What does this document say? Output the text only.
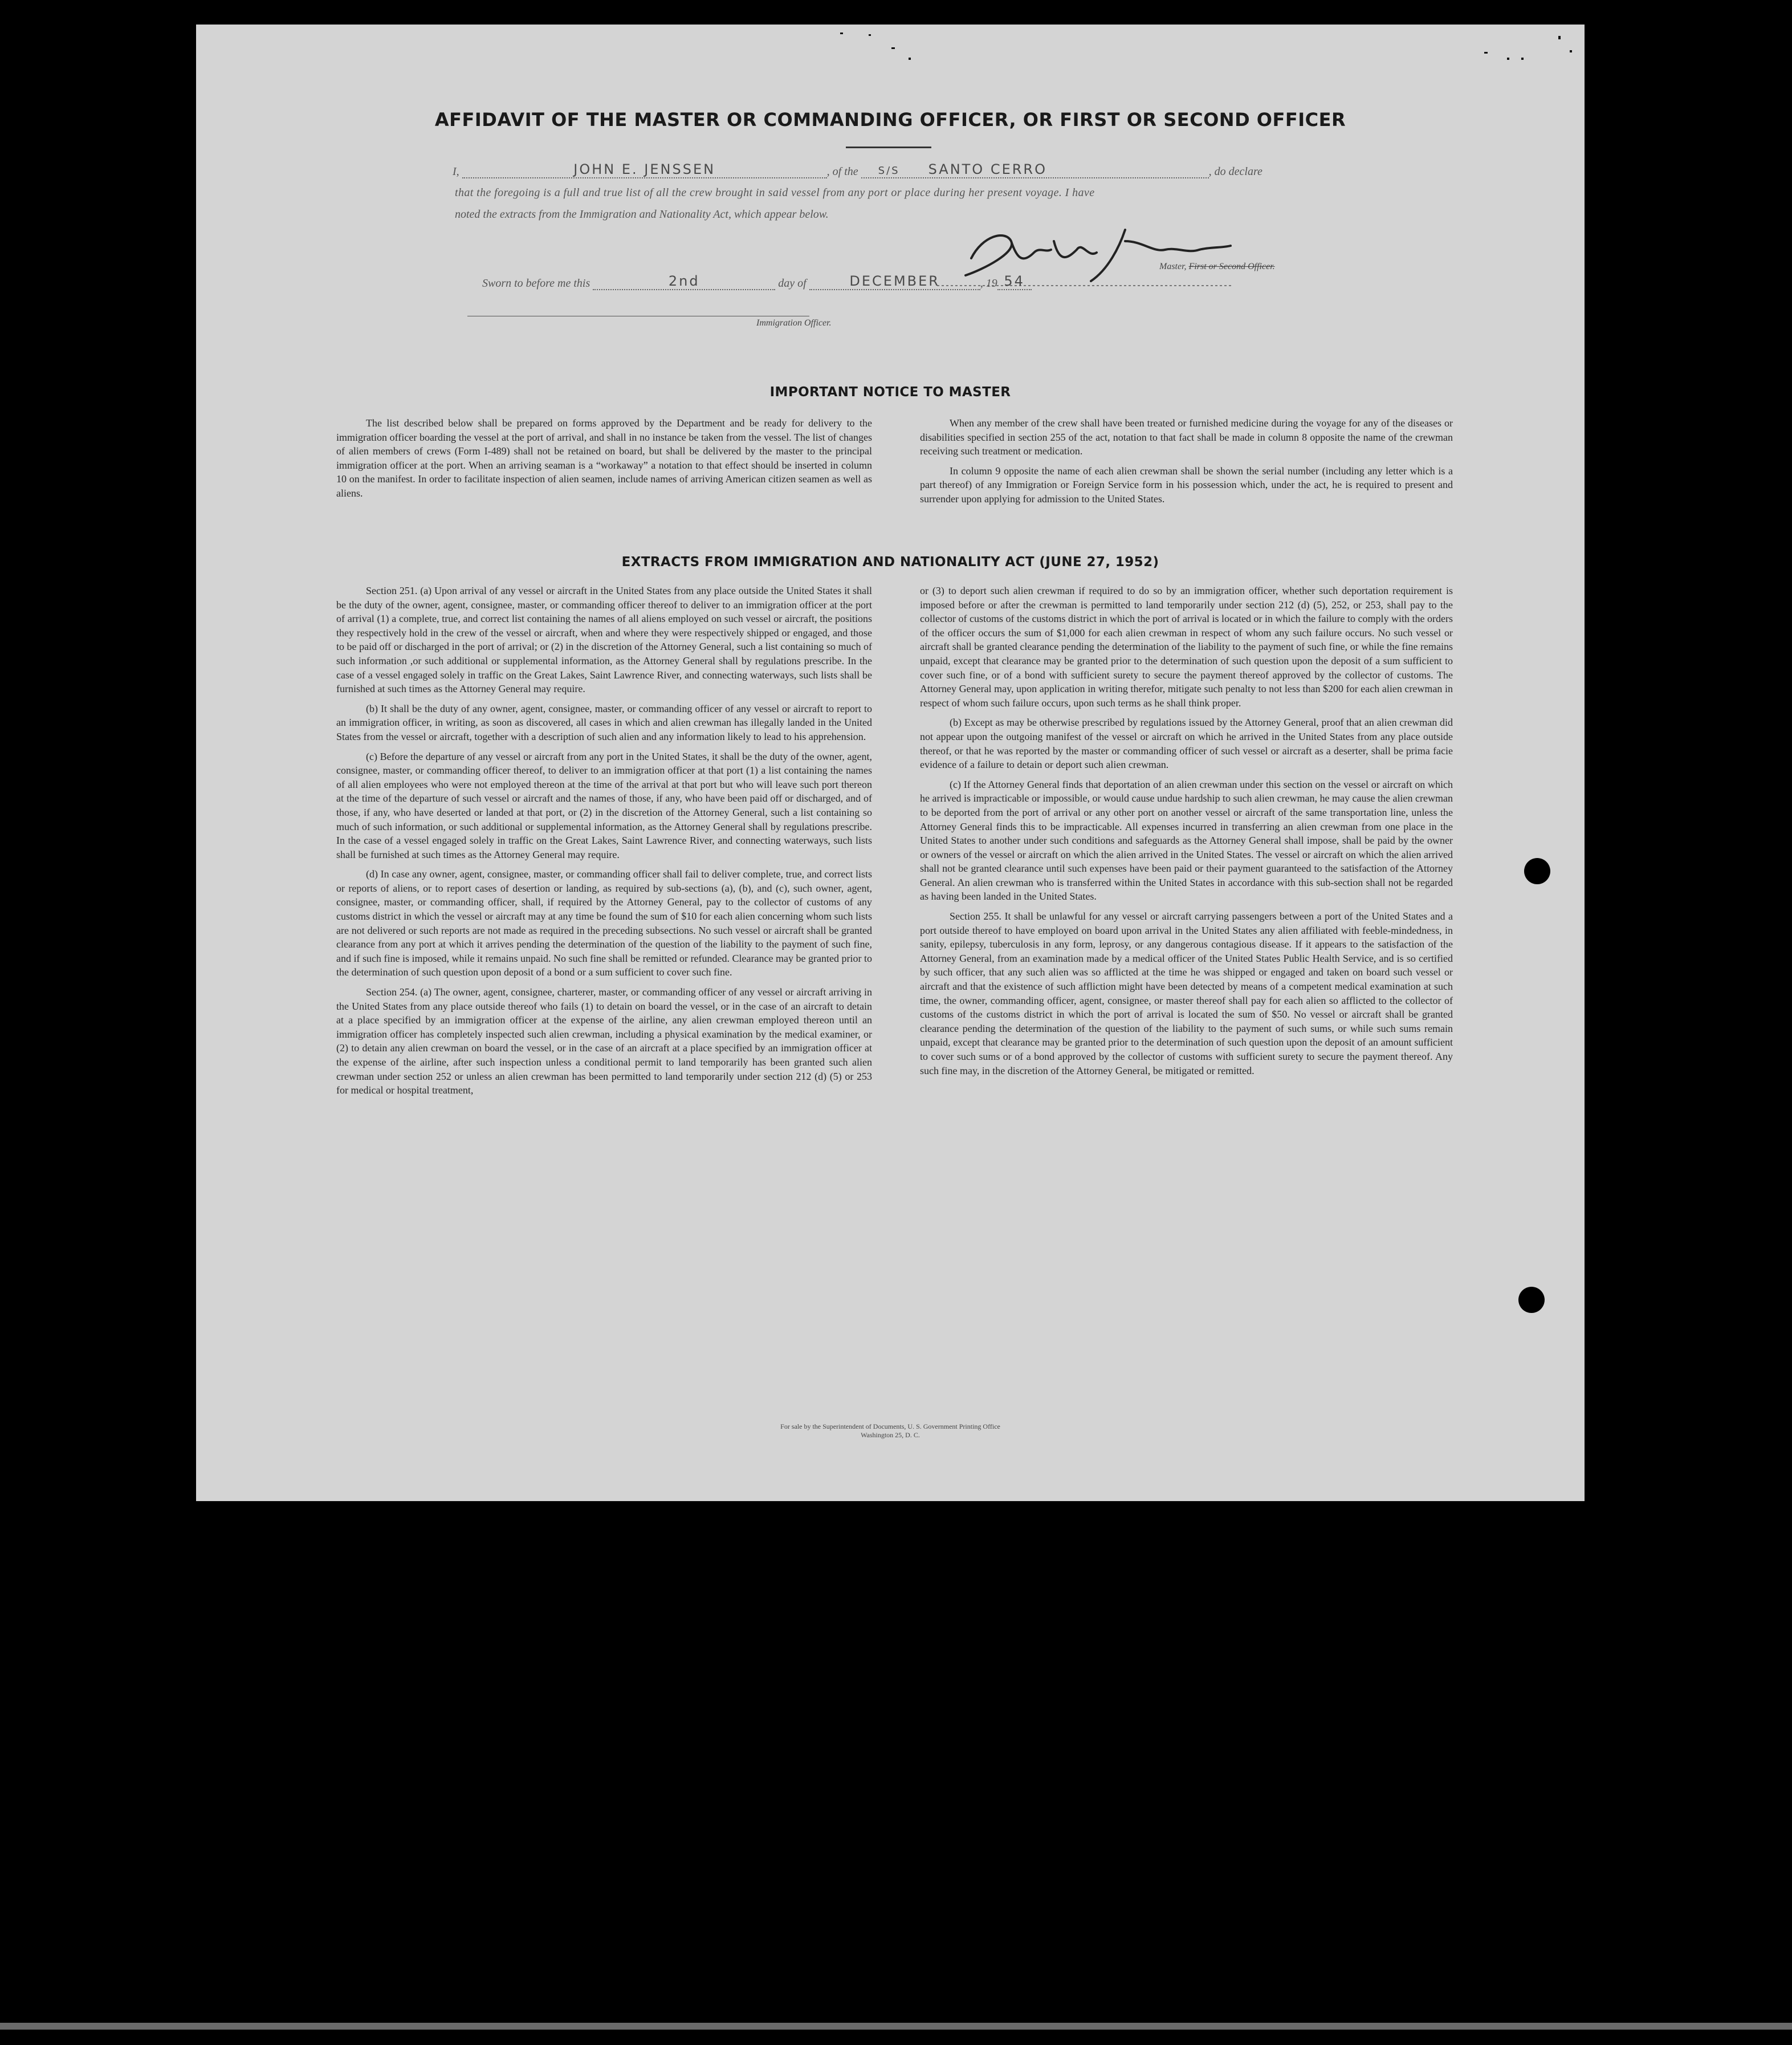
AFFIDAVIT OF THE MASTER OR COMMANDING OFFICER, OR FIRST OR SECOND OFFICER
I,	JOHN E. JENSSEN	, of the S/S SANTO CERRO	, do declare
that the foregoing is a full and true list of all the crew brought in said vessel from any port or place during her present voyage. I have
noted the extracts from the Immigration and Nationality Act, which appear below.
Master, First or Second Officer.
Sworn to before me this	2nd	day of	DECEMBER	, 19 54
Immigration Officer.
IMPORTANT NOTICE TO MASTER

The list described below shall be prepared on forms approved by the Department and be ready for delivery to the immigration officer boarding the vessel at the port of arrival, and shall in no instance be taken from the vessel. The list of changes of alien members of crews (Form I-489) shall not be retained on board, but shall be delivered by the master to the principal immigration officer at the port. When an arriving seaman is a “workaway” a notation to that effect should be inserted in column 10 on the manifest. In order to facilitate inspection of alien seamen, include names of arriving American citizen seamen as well as aliens.

When any member of the crew shall have been treated or furnished medicine during the voyage for any of the diseases or disabilities specified in section 255 of the act, notation to that fact shall be made in column 8 opposite the name of the crewman receiving such treatment or medication.

In column 9 opposite the name of each alien crewman shall be shown the serial number (including any letter which is a part thereof) of any Immigration or Foreign Service form in his possession which, under the act, he is required to present and surrender upon applying for admission to the United States.

EXTRACTS FROM IMMIGRATION AND NATIONALITY ACT (JUNE 27, 1952)

Section 251. (a) Upon arrival of any vessel or aircraft in the United States from any place outside the United States it shall be the duty of the owner, agent, consignee, master, or commanding officer thereof to deliver to an immigration officer at the port of arrival (1) a complete, true, and correct list containing the names of all aliens employed on such vessel or aircraft, the positions they respectively hold in the crew of the vessel or aircraft, when and where they were respectively shipped or engaged, and those to be paid off or discharged in the port of arrival; or (2) in the discretion of the Attorney General, such a list containing so much of such information ,or such additional or supplemental information, as the Attorney General shall by regulations prescribe. In the case of a vessel engaged solely in traffic on the Great Lakes, Saint Lawrence River, and connecting waterways, such lists shall be furnished at such times as the Attorney General may require.

(b) It shall be the duty of any owner, agent, consignee, master, or commanding officer of any vessel or aircraft to report to an immigration officer, in writing, as soon as discovered, all cases in which and alien crewman has illegally landed in the United States from the vessel or aircraft, together with a description of such alien and any information likely to lead to his apprehension.

(c) Before the departure of any vessel or aircraft from any port in the United States, it shall be the duty of the owner, agent, consignee, master, or commanding officer thereof, to deliver to an immigration officer at that port (1) a list containing the names of all alien employees who were not employed thereon at the time of the arrival at that port but who will leave such port thereon at the time of the departure of such vessel or aircraft and the names of those, if any, who have been paid off or discharged, and of those, if any, who have deserted or landed at that port, or (2) in the discretion of the Attorney General, such a list containing so much of such information, or such additional or supplemental information, as the Attorney General shall by regulations prescribe. In the case of a vessel engaged solely in traffic on the Great Lakes, Saint Lawrence River, and connecting waterways, such lists shall be furnished at such times as the Attorney General may require.

(d) In case any owner, agent, consignee, master, or commanding officer shall fail to deliver complete, true, and correct lists or reports of aliens, or to report cases of desertion or landing, as required by sub-sections (a), (b), and (c), such owner, agent, consignee, master, or commanding officer, shall, if required by the Attorney General, pay to the collector of customs of any customs district in which the vessel or aircraft may at any time be found the sum of $10 for each alien concerning whom such lists are not delivered or such reports are not made as required in the preceding subsections. No such vessel or aircraft shall be granted clearance from any port at which it arrives pending the determination of the question of the liability to the payment of such fine, and if such fine is imposed, while it remains unpaid. No such fine shall be remitted or refunded. Clearance may be granted prior to the determination of such question upon deposit of a bond or a sum sufficient to cover such fine.

Section 254. (a) The owner, agent, consignee, charterer, master, or commanding officer of any vessel or aircraft arriving in the United States from any place outside thereof who fails (1) to detain on board the vessel, or in the case of an aircraft to detain at a place specified by an immigration officer at the expense of the airline, any alien crewman employed thereon until an immigration officer has completely inspected such alien crewman, including a physical examination by the medical examiner, or (2) to detain any alien crewman on board the vessel, or in the case of an aircraft at a place specified by an immigration officer at the expense of the airline, after such inspection unless a conditional permit to land temporarily has been granted such alien crewman under section 252 or unless an alien crewman has been permitted to land temporarily under section 212 (d) (5) or 253 for medical or hospital treatment,

or (3) to deport such alien crewman if required to do so by an immigration officer, whether such deportation requirement is imposed before or after the crewman is permitted to land temporarily under section 212 (d) (5), 252, or 253, shall pay to the collector of customs of the customs district in which the port of arrival is located or in which the failure to comply with the orders of the officer occurs the sum of $1,000 for each alien crewman in respect of whom any such failure occurs. No such vessel or aircraft shall be granted clearance pending the determination of the liability to the payment of such fine, or while the fine remains unpaid, except that clearance may be granted prior to the determination of such question upon the deposit of a sum sufficient to cover such fine, or of a bond with sufficient surety to secure the payment thereof approved by the collector of customs. The Attorney General may, upon application in writing therefor, mitigate such penalty to not less than $200 for each alien crewman in respect of whom such failure occurs, upon such terms as he shall think proper.

(b) Except as may be otherwise prescribed by regulations issued by the Attorney General, proof that an alien crewman did not appear upon the outgoing manifest of the vessel or aircraft on which he arrived in the United States from any place outside thereof, or that he was reported by the master or commanding officer of such vessel or aircraft as a deserter, shall be prima facie evidence of a failure to detain or deport such alien crewman.

(c) If the Attorney General finds that deportation of an alien crewman under this section on the vessel or aircraft on which he arrived is impracticable or impossible, or would cause undue hardship to such alien crewman, he may cause the alien crewman to be deported from the port of arrival or any other port on another vessel or aircraft of the same transportation line, unless the Attorney General finds this to be impracticable. All expenses incurred in transferring an alien crewman from one place in the United States to another under such conditions and safeguards as the Attorney General shall impose, shall be paid by the owner or owners of the vessel or aircraft on which the alien arrived in the United States. The vessel or aircraft on which the alien arrived shall not be granted clearance until such expenses have been paid or their payment guaranteed to the satisfaction of the Attorney General. An alien crewman who is transferred within the United States in accordance with this sub-section shall not be regarded as having been landed in the United States.

Section 255. It shall be unlawful for any vessel or aircraft carrying passengers between a port of the United States and a port outside thereof to have employed on board upon arrival in the United States any alien affiliated with feeble-mindedness, in sanity, epilepsy, tuberculosis in any form, leprosy, or any dangerous contagious disease. If it appears to the satisfaction of the Attorney General, from an examination made by a medical officer of the United States Public Health Service, and is so certified by such officer, that any such alien was so afflicted at the time he was shipped or engaged and taken on board such vessel or aircraft and that the existence of such affliction might have been detected by means of a competent medical examination at such time, the owner, commanding officer, agent, consignee, or master thereof shall pay for each alien so afflicted to the collector of customs of the customs district in which the port of arrival is located the sum of $50. No vessel or aircraft shall be granted clearance pending the determination of the question of the liability to the payment of such sums, or while such sums remain unpaid, except that clearance may be granted prior to the determination of such question upon the deposit of an amount sufficient to cover such sums or of a bond approved by the collector of customs with sufficient surety to secure the payment thereof. Any such fine may, in the discretion of the Attorney General, be mitigated or remitted.

For sale by the Superintendent of Documents, U. S. Government Printing Office
Washington 25, D. C.
